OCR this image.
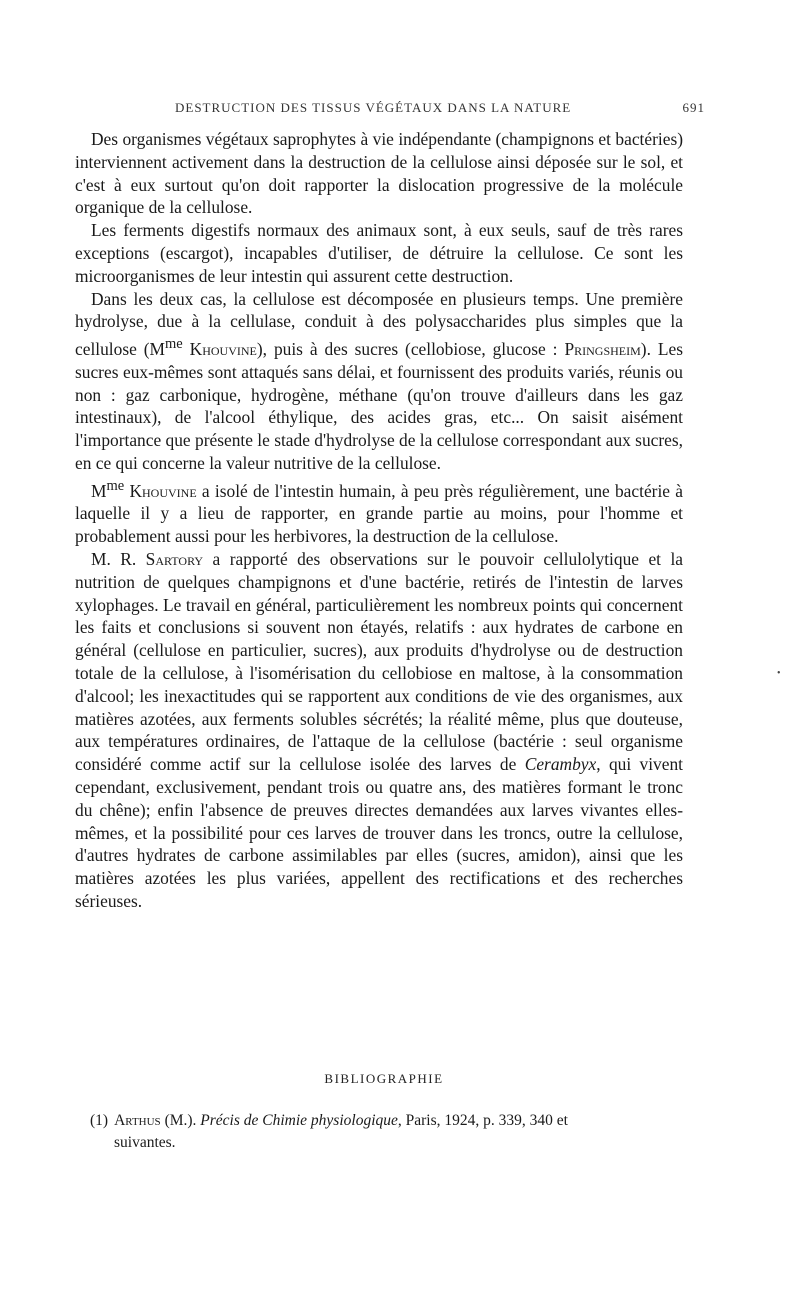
DESTRUCTION DES TISSUS VÉGÉTAUX DANS LA NATURE	691

Des organismes végétaux saprophytes à vie indépendante (champignons et bactéries) interviennent activement dans la destruction de la cellulose ainsi déposée sur le sol, et c'est à eux surtout qu'on doit rapporter la dislocation progressive de la molécule organique de la cellulose.

Les ferments digestifs normaux des animaux sont, à eux seuls, sauf de très rares exceptions (escargot), incapables d'utiliser, de détruire la cellulose. Ce sont les microorganismes de leur intestin qui assurent cette destruction.

Dans les deux cas, la cellulose est décomposée en plusieurs temps. Une première hydrolyse, due à la cellulase, conduit à des polysaccharides plus simples que la cellulose ($M^{me}$ Khouvine), puis à des sucres (cellobiose, glucose : Pringsheim). Les sucres eux-mêmes sont attaqués sans délai, et fournissent des produits variés, réunis ou non : gaz carbonique, hydrogène, méthane (qu'on trouve d'ailleurs dans les gaz intestinaux), de l'alcool éthylique, des acides gras, etc... On saisit aisément l'importance que présente le stade d'hydrolyse de la cellulose correspondant aux sucres, en ce qui concerne la valeur nutritive de la cellulose.

$M^{me}$ Khouvine a isolé de l'intestin humain, à peu près régulièrement, une bactérie à laquelle il y a lieu de rapporter, en grande partie au moins, pour l'homme et probablement aussi pour les herbivores, la destruction de la cellulose.

M. R. Sartory a rapporté des observations sur le pouvoir cellulolytique et la nutrition de quelques champignons et d'une bactérie, retirés de l'intestin de larves xylophages. Le travail en général, particulièrement les nombreux points qui concernent les faits et conclusions si souvent non étayés, relatifs : aux hydrates de carbone en général (cellulose en particulier, sucres), aux produits d'hydrolyse ou de destruction totale de la cellulose, à l'isomérisation du cellobiose en maltose, à la consommation d'alcool; les inexactitudes qui se rapportent aux conditions de vie des organismes, aux matières azotées, aux ferments solubles sécrétés; la réalité même, plus que douteuse, aux températures ordinaires, de l'attaque de la cellulose (bactérie : seul organisme considéré comme actif sur la cellulose isolée des larves de Cerambyx, qui vivent cependant, exclusivement, pendant trois ou quatre ans, des matières formant le tronc du chêne); enfin l'absence de preuves directes demandées aux larves vivantes elles-mêmes, et la possibilité pour ces larves de trouver dans les troncs, outre la cellulose, d'autres hydrates de carbone assimilables par elles (sucres, amidon), ainsi que les matières azotées les plus variées, appellent des rectifications et des recherches sérieuses.

•
BIBLIOGRAPHIE
(1) Arthus (M.). Précis de Chimie physiologique, Paris, 1924, p. 339, 340 et
suivantes.
